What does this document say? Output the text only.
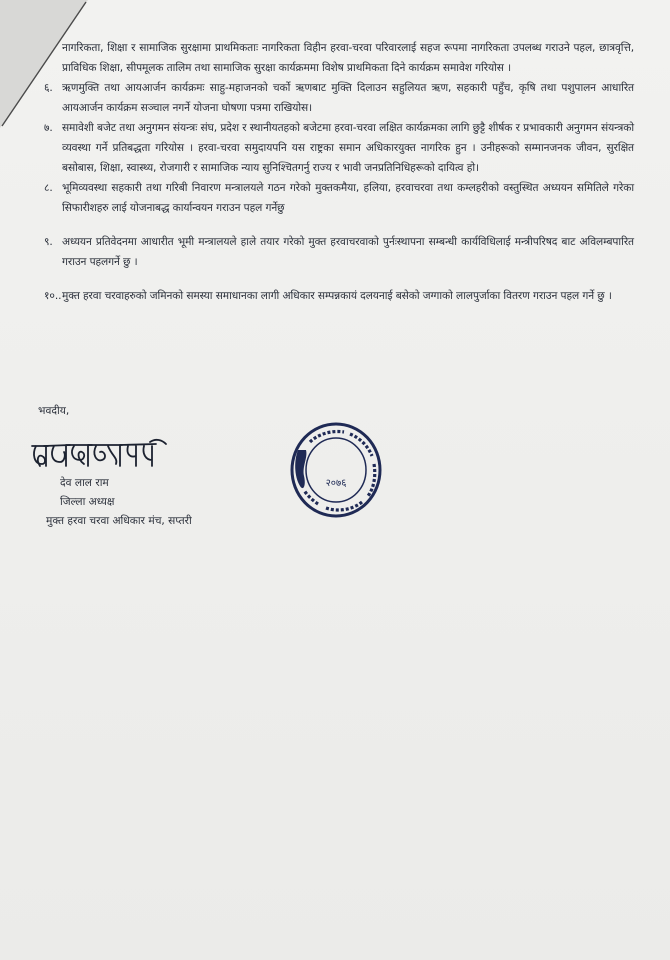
नागरिकता, शिक्षा र सामाजिक सुरक्षामा प्राथमिकताः नागरिकता विहीन हरवा-चरवा परिवारलाई सहज रूपमा नागरिकता उपलब्ध गराउने पहल, छात्रवृत्ति, प्राविधिक शिक्षा, सीपमूलक तालिम तथा सामाजिक सुरक्षा कार्यक्रममा विशेष प्राथमिकता दिने कार्यक्रम समावेश गरियोस ।
६. ऋणमुक्ति तथा आयआर्जन कार्यक्रमः साहु-महाजनको चर्को ऋणबाट मुक्ति दिलाउन सहुलियत ऋण, सहकारी पहुँच, कृषि तथा पशुपालन आधारित आयआर्जन कार्यक्रम सञ्चाल नगर्ने योजना घोषणा पत्रमा राखियोस।
७. समावेशी बजेट तथा अनुगमन संयन्त्रः संघ, प्रदेश र स्थानीयतहको बजेटमा हरवा-चरवा लक्षित कार्यक्रमका लागि छुट्टै शीर्षक र प्रभावकारी अनुगमन संयन्त्रको व्यवस्था गर्ने प्रतिबद्धता गरियोस । हरवा-चरवा समुदायपनि यस राष्ट्रका समान अधिकारयुक्त नागरिक हुन । उनीहरूको सम्मानजनक जीवन, सुरक्षित बसोबास, शिक्षा, स्वास्थ्य, रोजगारी र सामाजिक न्याय सुनिश्चितगर्नु राज्य र भावी जनप्रतिनिधिहरूको दायित्व हो।
८. भूमिव्यवस्था सहकारी तथा गरिबी निवारण मन्त्रालयले गठन गरेको मुक्तकमैया, हलिया, हरवाचरवा तथा कम्लहरीको वस्तुस्थित अध्ययन समितिले गरेका सिफारीशहरु लाई योजनाबद्ध कार्यान्वयन गराउन पहल गर्नेछु
९. अध्ययन प्रतिवेदनमा आधारीत भूमी मन्त्रालयले हाले तयार गरेको मुक्त हरवाचरवाको पुर्नःस्थापना सम्बन्धी कार्यविधिलाई मन्त्रीपरिषद बाट अविलम्बपारित गराउन पहलगर्ने छु ।
१०.. मुक्त हरवा चरवाहरुको जमिनको समस्या समाधानका लागी अधिकार सम्पन्नकायं दलयनाई बसेको जग्गाको लालपुर्जाका वितरण गराउन पहल गर्ने छु ।
भवदीय,
देव लाल राम
जिल्ला अध्यक्ष
मुक्त हरवा चरवा अधिकार मंच, सप्तरी
२०७६
